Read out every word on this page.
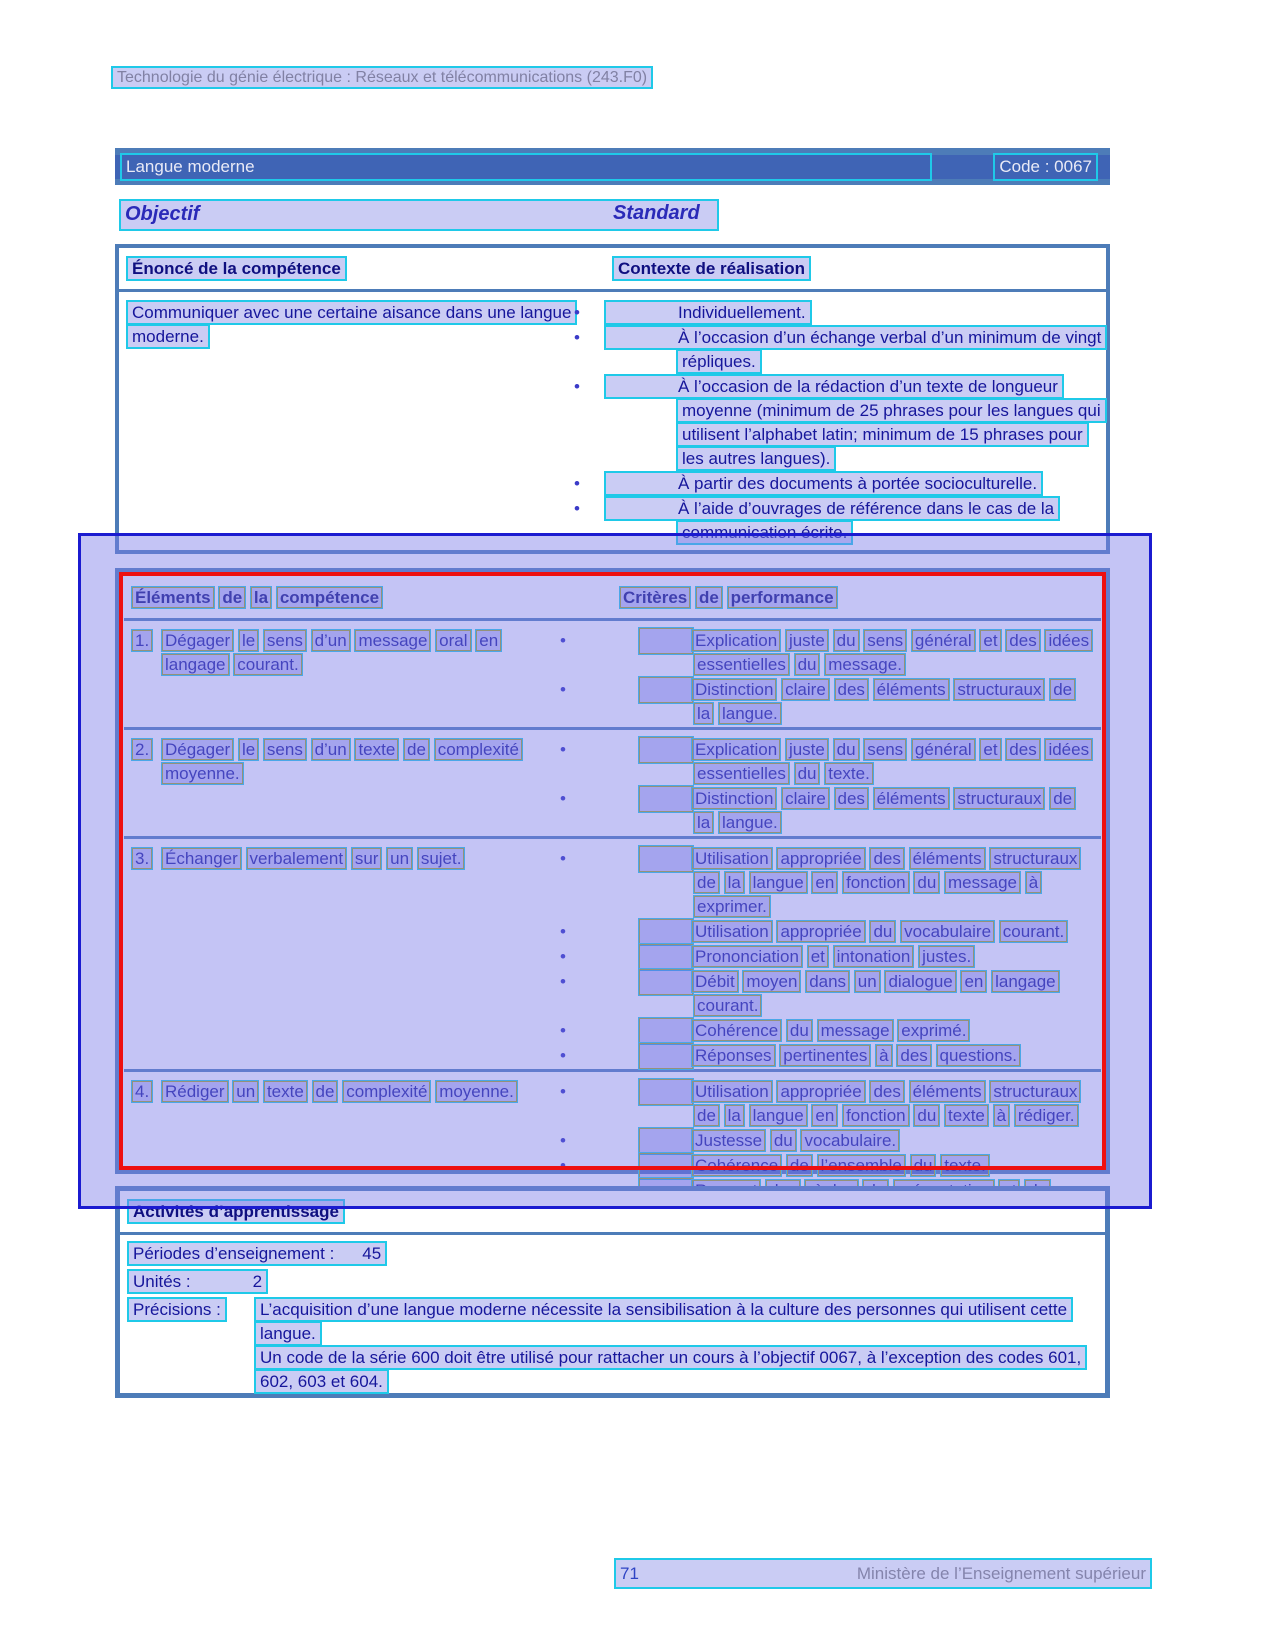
Technologie du génie électrique : Réseaux et télécommunications (243.F0)
Langue moderne	Code : 0067
Objectif	Standard
Énoncé de la compétence	Contexte de réalisation
Communiquer avec une certaine aisance dans une langue moderne.
•	Individuellement.
•	À l’occasion d’un échange verbal d’un minimum de vingt répliques.
•	À l’occasion de la rédaction d’un texte de longueur moyenne (minimum de 25 phrases pour les langues qui utilisent l’alphabet latin; minimum de 15 phrases pour les autres langues).
•	À partir des documents à portée socioculturelle.
•	À l’aide d’ouvrages de référence dans le cas de la communication écrite.
Éléments de la compétence	Critères de performance
1. Dégager le sens d’un message oral en langage courant.
•	Explication juste du sens général et des idées essentielles du message.
•	Distinction claire des éléments structuraux de la langue.
2. Dégager le sens d’un texte de complexité moyenne.
•	Explication juste du sens général et des idées essentielles du texte.
•	Distinction claire des éléments structuraux de la langue.
3. Échanger verbalement sur un sujet.	•	Utilisation appropriée des éléments structuraux de la langue en fonction du message à exprimer.
•	Utilisation appropriée du vocabulaire courant.
•	Prononciation et intonation justes.
•	Débit moyen dans un dialogue en langage courant.
•	Cohérence du message exprimé.
•	Réponses pertinentes à des questions.
4. Rédiger un texte de complexité moyenne.	•	Utilisation appropriée des éléments structuraux de la langue en fonction du texte à rédiger.
•	Justesse du vocabulaire.
•	Cohérence de l’ensemble du texte.
Activités d’apprentissage
Périodes d’enseignement : 45
Unités :	2
Précisions : L’acquisition d’une langue moderne nécessite la sensibilisation à la culture des personnes qui utilisent cette langue.

Un code de la série 600 doit être utilisé pour rattacher un cours à l’objectif 0067, à l’exception des codes 601, 602, 603 et 604.

71	Ministère de l’Enseignement supérieur
